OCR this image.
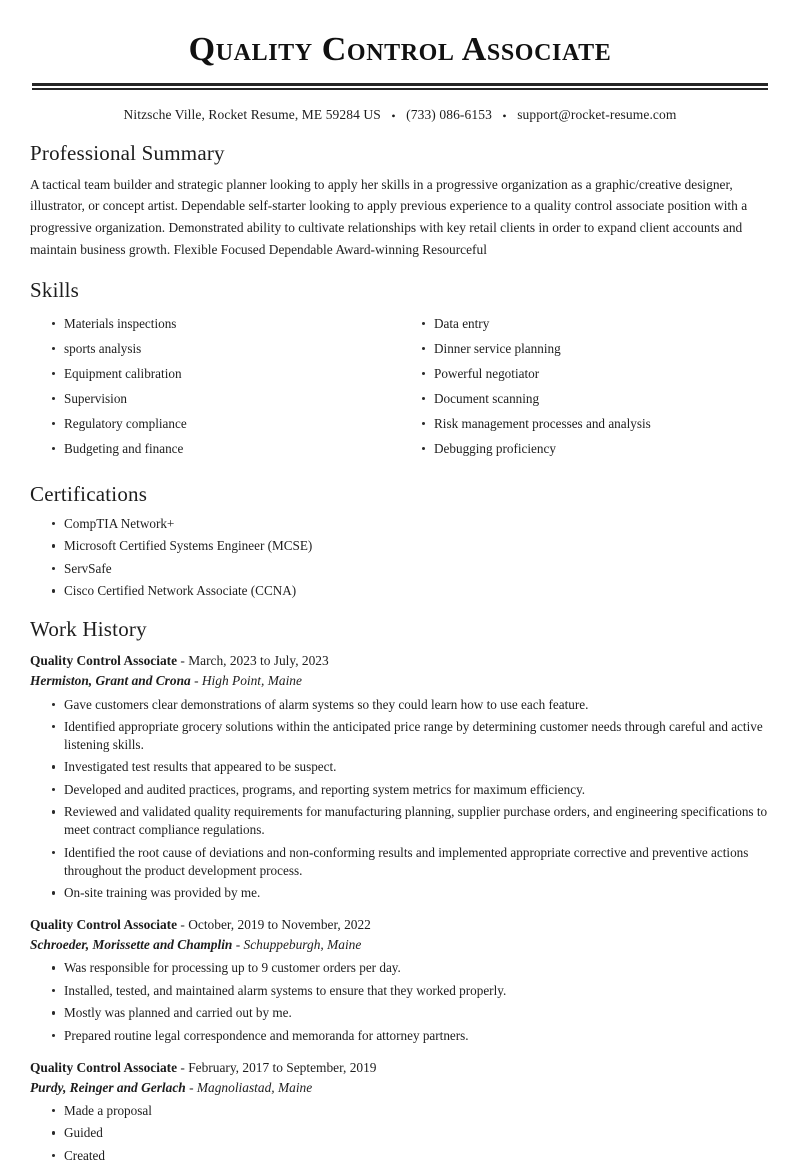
Quality Control Associate
Nitzsche Ville, Rocket Resume, ME 59284 US • (733) 086-6153 • support@rocket-resume.com
Professional Summary

A tactical team builder and strategic planner looking to apply her skills in a progressive organization as a graphic/creative designer, illustrator, or concept artist. Dependable self-starter looking to apply previous experience to a quality control associate position with a progressive organization. Demonstrated ability to cultivate relationships with key retail clients in order to expand client accounts and maintain business growth. Flexible Focused Dependable Award-winning Resourceful

Skills
Materials inspections
sports analysis
Equipment calibration
Supervision
Regulatory compliance
Budgeting and finance
Data entry
Dinner service planning
Powerful negotiator
Document scanning
Risk management processes and analysis
Debugging proficiency
Certifications
CompTIA Network+
Microsoft Certified Systems Engineer (MCSE)
ServSafe
Cisco Certified Network Associate (CCNA)
Work History
Quality Control Associate - March, 2023 to July, 2023
Hermiston, Grant and Crona - High Point, Maine
Gave customers clear demonstrations of alarm systems so they could learn how to use each feature.
Identified appropriate grocery solutions within the anticipated price range by determining customer needs through careful and active listening skills.
Investigated test results that appeared to be suspect.
Developed and audited practices, programs, and reporting system metrics for maximum efficiency.
Reviewed and validated quality requirements for manufacturing planning, supplier purchase orders, and engineering specifications to meet contract compliance regulations.
Identified the root cause of deviations and non-conforming results and implemented appropriate corrective and preventive actions throughout the product development process.
On-site training was provided by me.
Quality Control Associate - October, 2019 to November, 2022
Schroeder, Morissette and Champlin - Schuppeburgh, Maine
Was responsible for processing up to 9 customer orders per day.
Installed, tested, and maintained alarm systems to ensure that they worked properly.
Mostly was planned and carried out by me.
Prepared routine legal correspondence and memoranda for attorney partners.
Quality Control Associate - February, 2017 to September, 2019
Purdy, Reinger and Gerlach - Magnoliastad, Maine
Made a proposal
Guided
Created
